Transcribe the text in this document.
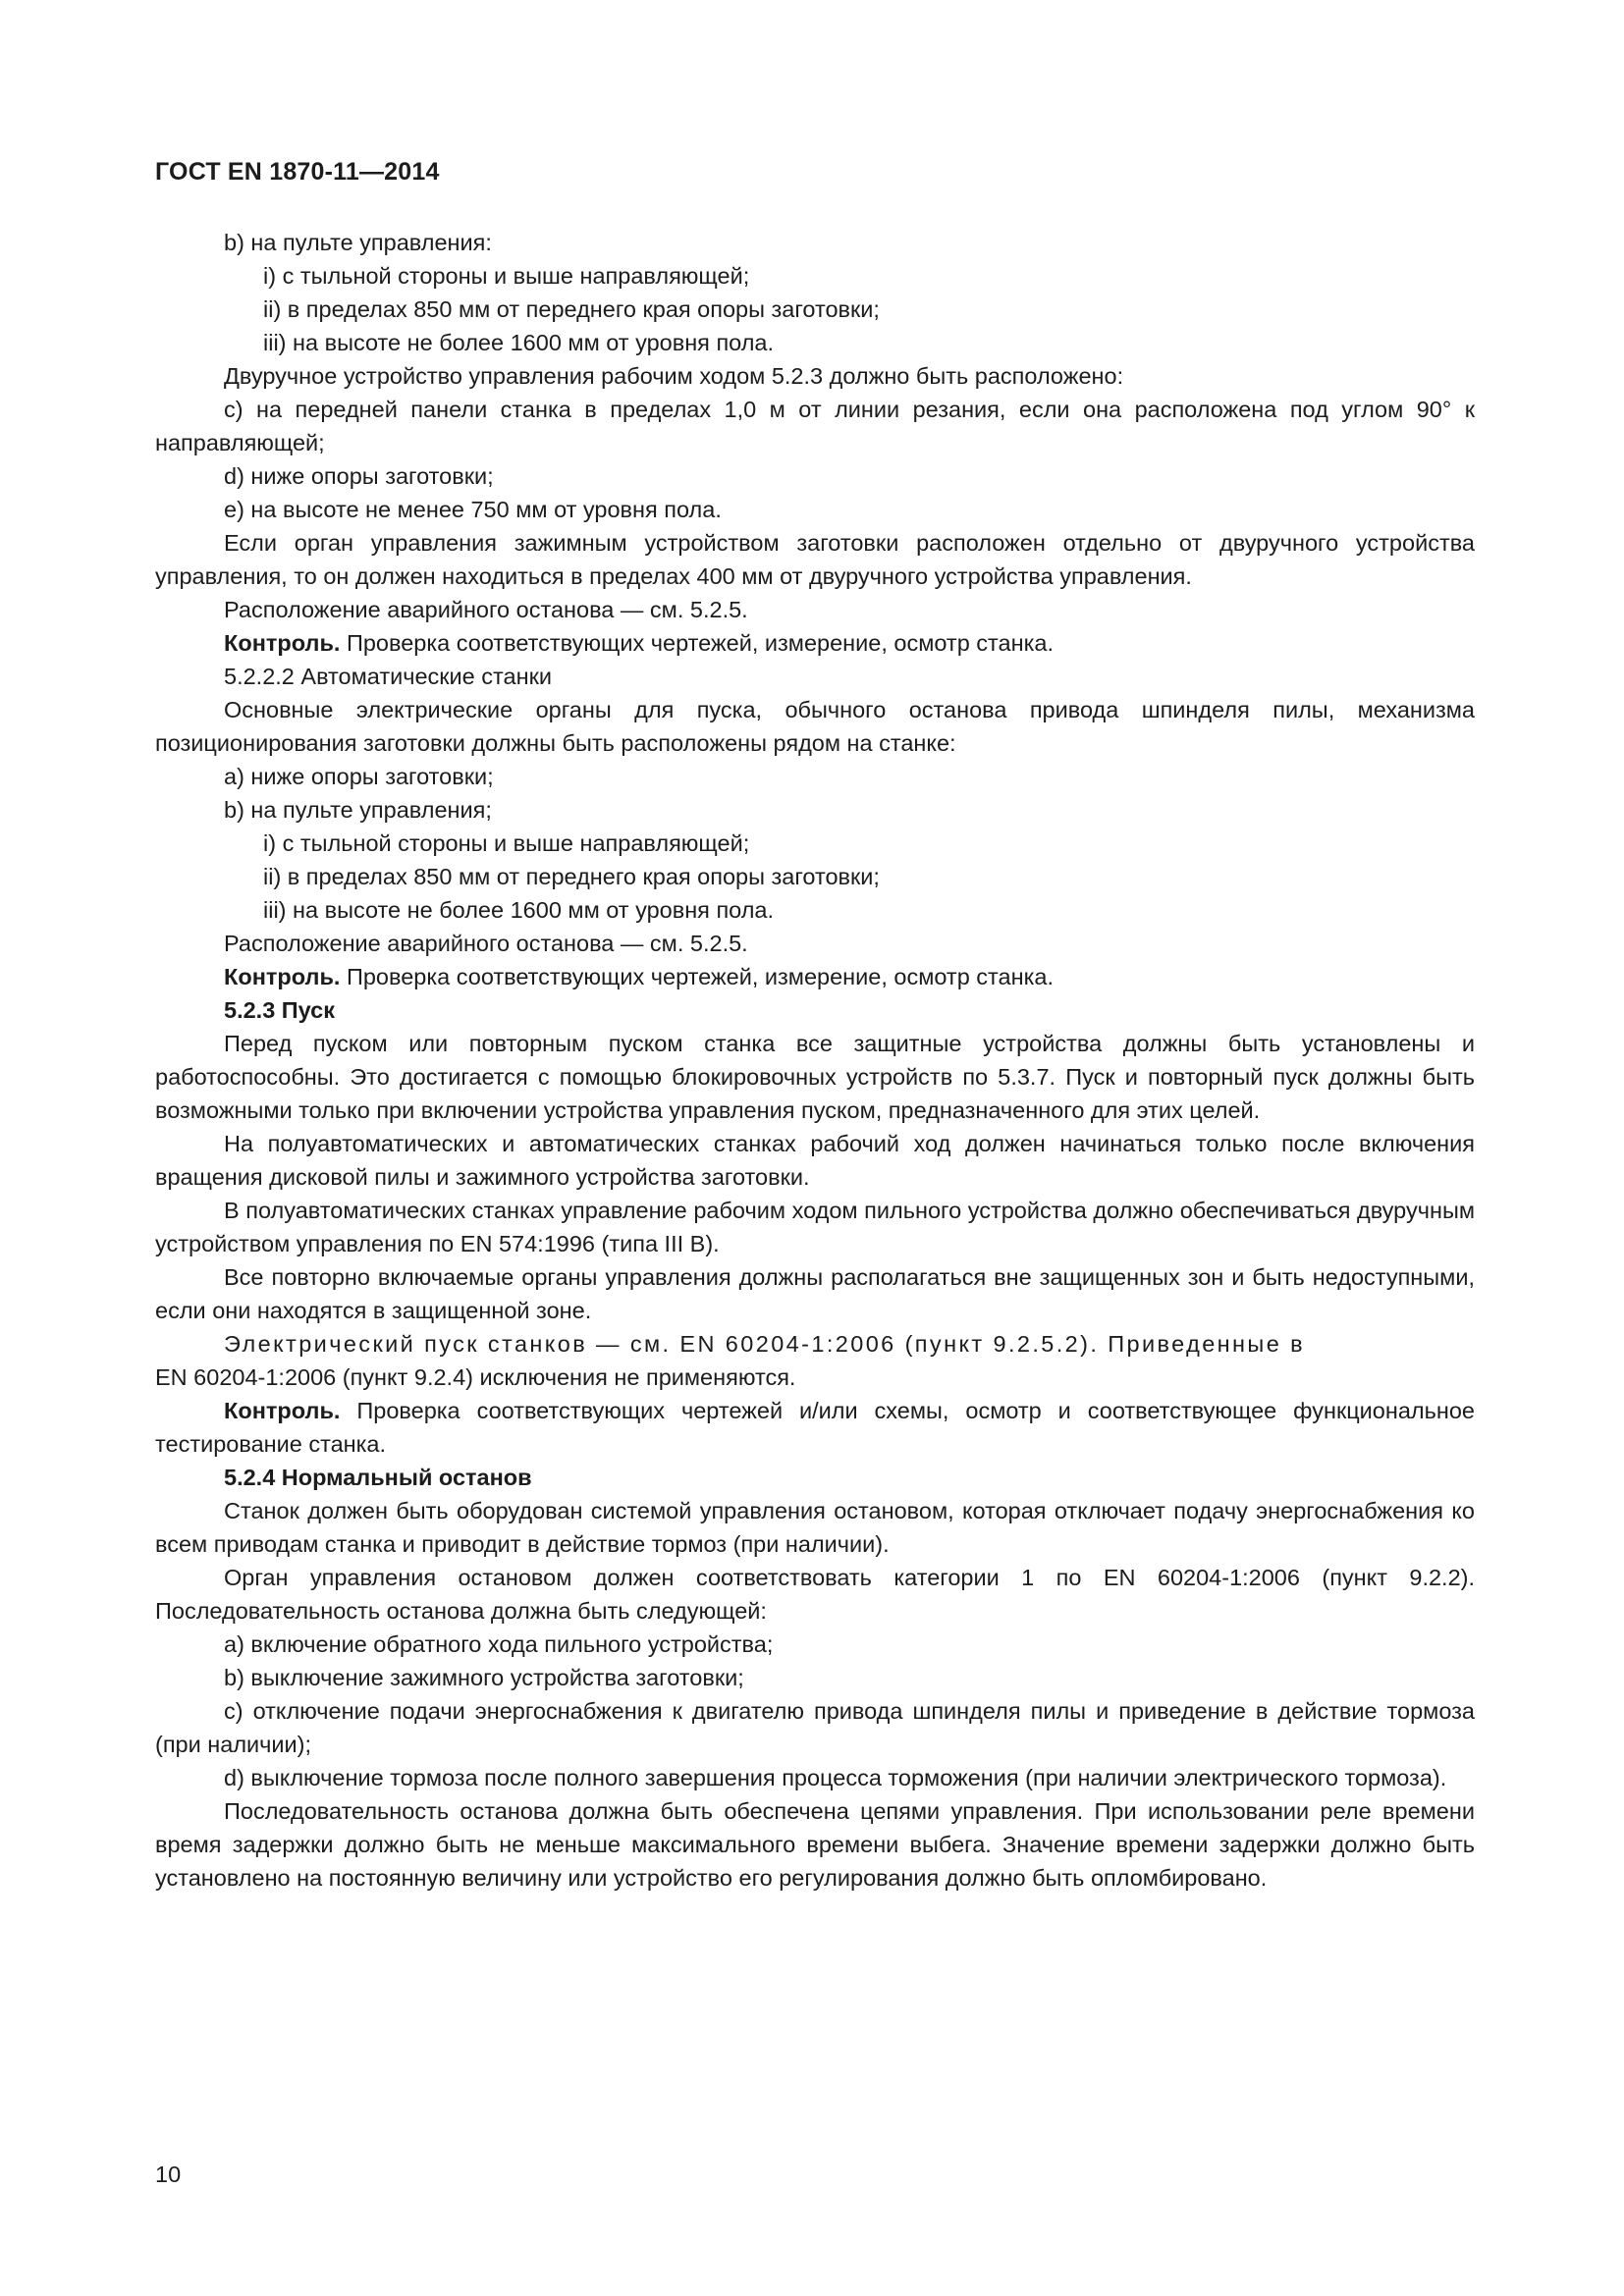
ГОСТ EN 1870-11—2014

b) на пульте управления:

i) с тыльной стороны и выше направляющей;

ii) в пределах 850 мм от переднего края опоры заготовки;

iii) на высоте не более 1600 мм от уровня пола.

Двуручное устройство управления рабочим ходом 5.2.3 должно быть расположено:

c) на передней панели станка в пределах 1,0 м от линии резания, если она расположена под углом 90° к направляющей;

d) ниже опоры заготовки;

e) на высоте не менее 750 мм от уровня пола.

Если орган управления зажимным устройством заготовки расположен отдельно от двуручного устройства управления, то он должен находиться в пределах 400 мм от двуручного устройства управления.

Расположение аварийного останова — см. 5.2.5.

Контроль. Проверка соответствующих чертежей, измерение, осмотр станка.

5.2.2.2 Автоматические станки

Основные электрические органы для пуска, обычного останова привода шпинделя пилы, механизма позиционирования заготовки должны быть расположены рядом на станке:

a) ниже опоры заготовки;

b) на пульте управления;

i) с тыльной стороны и выше направляющей;

ii) в пределах 850 мм от переднего края опоры заготовки;

iii) на высоте не более 1600 мм от уровня пола.

Расположение аварийного останова — см. 5.2.5.

Контроль. Проверка соответствующих чертежей, измерение, осмотр станка.

5.2.3 Пуск

Перед пуском или повторным пуском станка все защитные устройства должны быть установлены и работоспособны. Это достигается с помощью блокировочных устройств по 5.3.7. Пуск и повторный пуск должны быть возможными только при включении устройства управления пуском, предназначенного для этих целей.

На полуавтоматических и автоматических станках рабочий ход должен начинаться только после включения вращения дисковой пилы и зажимного устройства заготовки.

В полуавтоматических станках управление рабочим ходом пильного устройства должно обеспечиваться двуручным устройством управления по EN 574:1996 (типа III В).

Все повторно включаемые органы управления должны располагаться вне защищенных зон и быть недоступными, если они находятся в защищенной зоне.

Электрический пуск станков — см. EN 60204-1:2006 (пункт 9.2.5.2). Приведенные в

EN 60204-1:2006 (пункт 9.2.4) исключения не применяются.

Контроль. Проверка соответствующих чертежей и/или схемы, осмотр и соответствующее функциональное тестирование станка.

5.2.4 Нормальный останов

Станок должен быть оборудован системой управления остановом, которая отключает подачу энергоснабжения ко всем приводам станка и приводит в действие тормоз (при наличии).

Орган управления остановом должен соответствовать категории 1 по EN 60204-1:2006 (пункт 9.2.2). Последовательность останова должна быть следующей:

a) включение обратного хода пильного устройства;

b) выключение зажимного устройства заготовки;

c) отключение подачи энергоснабжения к двигателю привода шпинделя пилы и приведение в действие тормоза (при наличии);

d) выключение тормоза после полного завершения процесса торможения (при наличии электрического тормоза).

Последовательность останова должна быть обеспечена цепями управления. При использовании реле времени время задержки должно быть не меньше максимального времени выбега. Значение времени задержки должно быть установлено на постоянную величину или устройство его регулирования должно быть опломбировано.

10
